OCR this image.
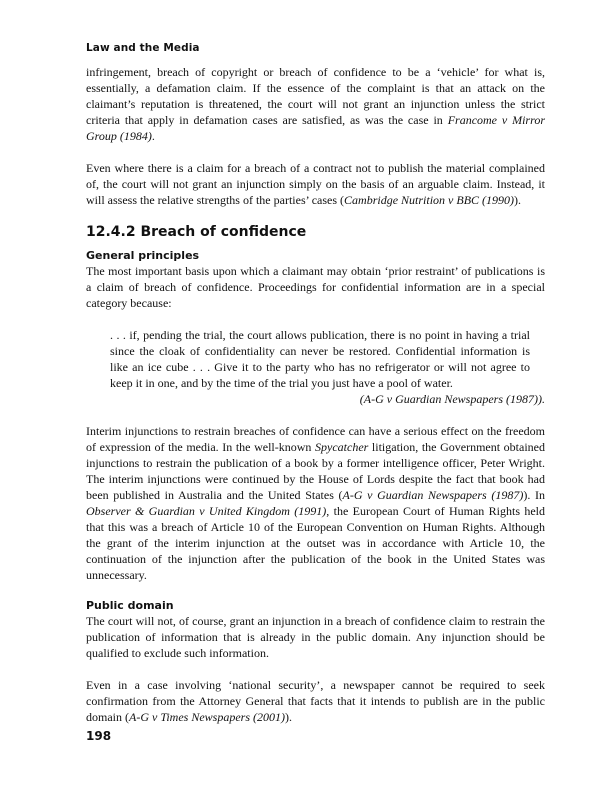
Law and the Media

infringement, breach of copyright or breach of confidence to be a ‘vehicle’ for what is, essentially, a defamation claim. If the essence of the complaint is that an attack on the claimant’s reputation is threatened, the court will not grant an injunction unless the strict criteria that apply in defamation cases are satisfied, as was the case in Francome v Mirror Group (1984).

Even where there is a claim for a breach of a contract not to publish the material complained of, the court will not grant an injunction simply on the basis of an arguable claim. Instead, it will assess the relative strengths of the parties’ cases (Cambridge Nutrition v BBC (1990)).

12.4.2 Breach of confidence
General principles

The most important basis upon which a claimant may obtain ‘prior restraint’ of publications is a claim of breach of confidence. Proceedings for confidential information are in a special category because:

. . . if, pending the trial, the court allows publication, there is no point in having a trial since the cloak of confidentiality can never be restored. Confidential information is like an ice cube . . . Give it to the party who has no refrigerator or will not agree to keep it in one, and by the time of the trial you just have a pool of water.

(A-G v Guardian Newspapers (1987)).

Interim injunctions to restrain breaches of confidence can have a serious effect on the freedom of expression of the media. In the well-known Spycatcher litigation, the Government obtained injunctions to restrain the publication of a book by a former intelligence officer, Peter Wright. The interim injunctions were continued by the House of Lords despite the fact that book had been published in Australia and the United States (A-G v Guardian Newspapers (1987)). In Observer & Guardian v United Kingdom (1991), the European Court of Human Rights held that this was a breach of Article 10 of the European Convention on Human Rights. Although the grant of the interim injunction at the outset was in accordance with Article 10, the continuation of the injunction after the publication of the book in the United States was unnecessary.

Public domain

The court will not, of course, grant an injunction in a breach of confidence claim to restrain the publication of information that is already in the public domain. Any injunction should be qualified to exclude such information.

Even in a case involving ‘national security’, a newspaper cannot be required to seek confirmation from the Attorney General that facts that it intends to publish are in the public domain (A-G v Times Newspapers (2001)).

198
